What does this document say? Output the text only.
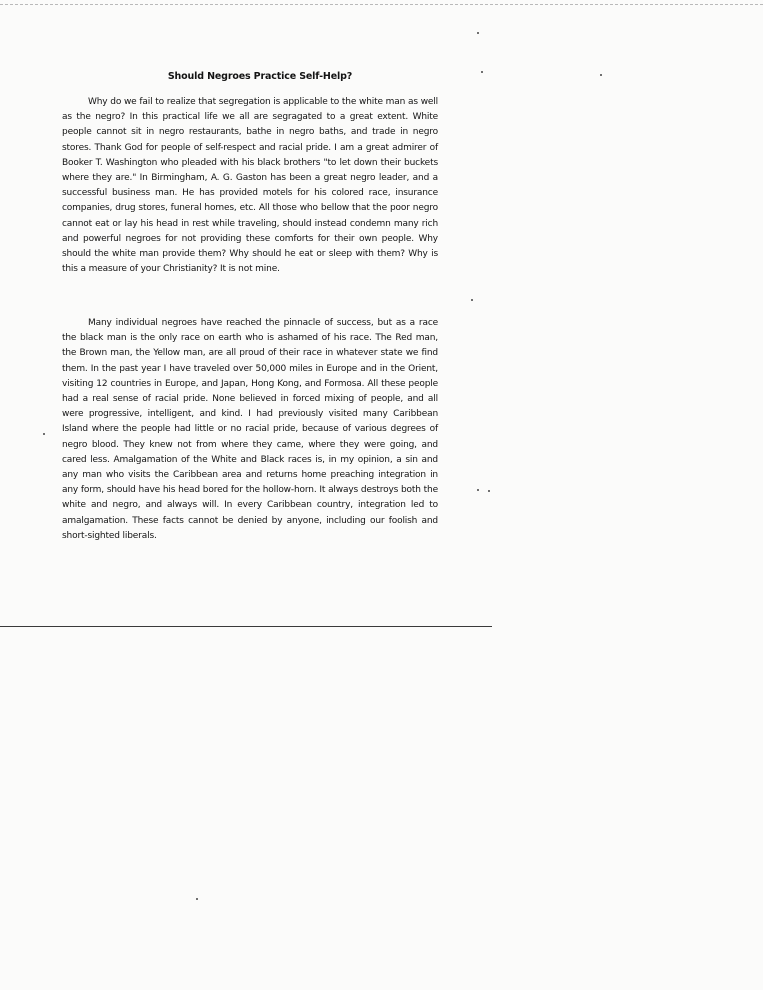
Should Negroes Practice Self-Help?

Why do we fail to realize that segregation is applicable to the white man as well as the negro? In this practical life we all are segragated to a great extent. White people cannot sit in negro restaurants, bathe in negro baths, and trade in negro stores. Thank God for people of self-respect and racial pride. I am a great admirer of Booker T. Washington who pleaded with his black brothers "to let down their buckets where they are." In Birmingham, A. G. Gaston has been a great negro leader, and a successful business man. He has provided motels for his colored race, insurance companies, drug stores, funeral homes, etc. All those who bellow that the poor negro cannot eat or lay his head in rest while traveling, should instead condemn many rich and powerful negroes for not providing these comforts for their own people. Why should the white man provide them? Why should he eat or sleep with them? Why is this a measure of your Christianity? It is not mine.

Many individual negroes have reached the pinnacle of success, but as a race the black man is the only race on earth who is ashamed of his race. The Red man, the Brown man, the Yellow man, are all proud of their race in whatever state we find them. In the past year I have traveled over 50,000 miles in Europe and in the Orient, visiting 12 countries in Europe, and Japan, Hong Kong, and Formosa. All these people had a real sense of racial pride. None believed in forced mixing of people, and all were progressive, intelligent, and kind. I had previously visited many Caribbean Island where the people had little or no racial pride, because of various degrees of negro blood. They knew not from where they came, where they were going, and cared less. Amalgamation of the White and Black races is, in my opinion, a sin and any man who visits the Caribbean area and returns home preaching integration in any form, should have his head bored for the hollow-horn. It always destroys both the white and negro, and always will. In every Caribbean country, integration led to amalgamation. These facts cannot be denied by anyone, including our foolish and short-sighted liberals.
